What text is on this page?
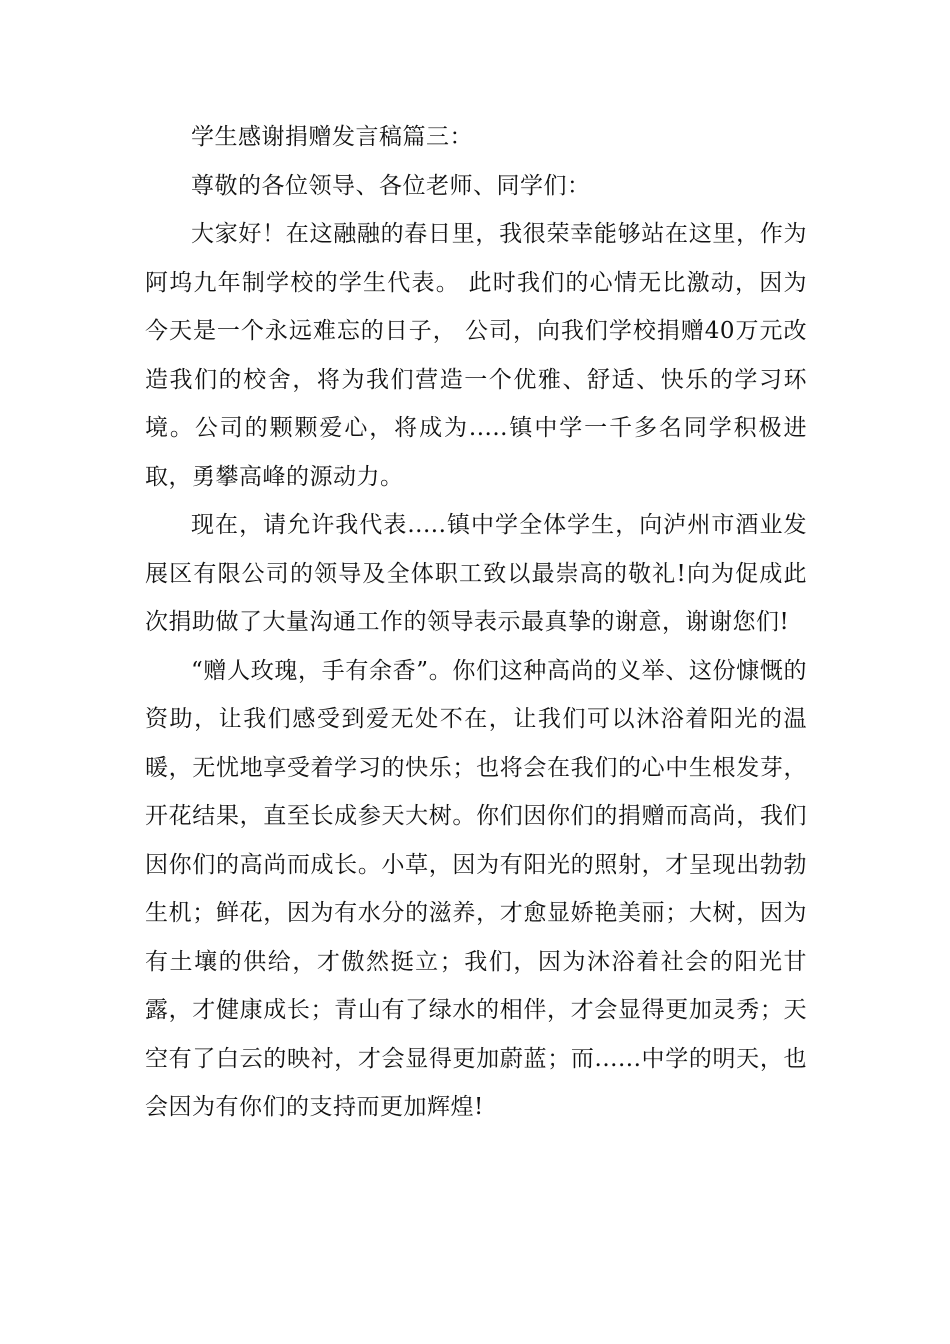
学生感谢捐赠发言稿篇三：

尊敬的各位领导、各位老师、同学们：

大家好！在这融融的春日里，我很荣幸能够站在这里，作为阿坞九年制学校的学生代表。 此时我们的心情无比激动，因为今天是一个永远难忘的日子， 公司，向我们学校捐赠40万元改造我们的校舍，将为我们营造一个优雅、舒适、快乐的学习环境。公司的颗颗爱心，将成为.....镇中学一千多名同学积极进取，勇攀高峰的源动力。

现在，请允许我代表.....镇中学全体学生，向泸州市酒业发展区有限公司的领导及全体职工致以最崇高的敬礼!向为促成此次捐助做了大量沟通工作的领导表示最真挚的谢意，谢谢您们!

“赠人玫瑰，手有余香”。你们这种高尚的义举、这份慷慨的资助，让我们感受到爱无处不在，让我们可以沐浴着阳光的温暖，无忧地享受着学习的快乐；也将会在我们的心中生根发芽，开花结果，直至长成参天大树。你们因你们的捐赠而高尚，我们因你们的高尚而成长。小草，因为有阳光的照射，才呈现出勃勃生机；鲜花，因为有水分的滋养，才愈显娇艳美丽；大树，因为有土壤的供给，才傲然挺立；我们，因为沐浴着社会的阳光甘露，才健康成长；青山有了绿水的相伴，才会显得更加灵秀；天空有了白云的映衬，才会显得更加蔚蓝；而......中学的明天，也会因为有你们的支持而更加辉煌!
